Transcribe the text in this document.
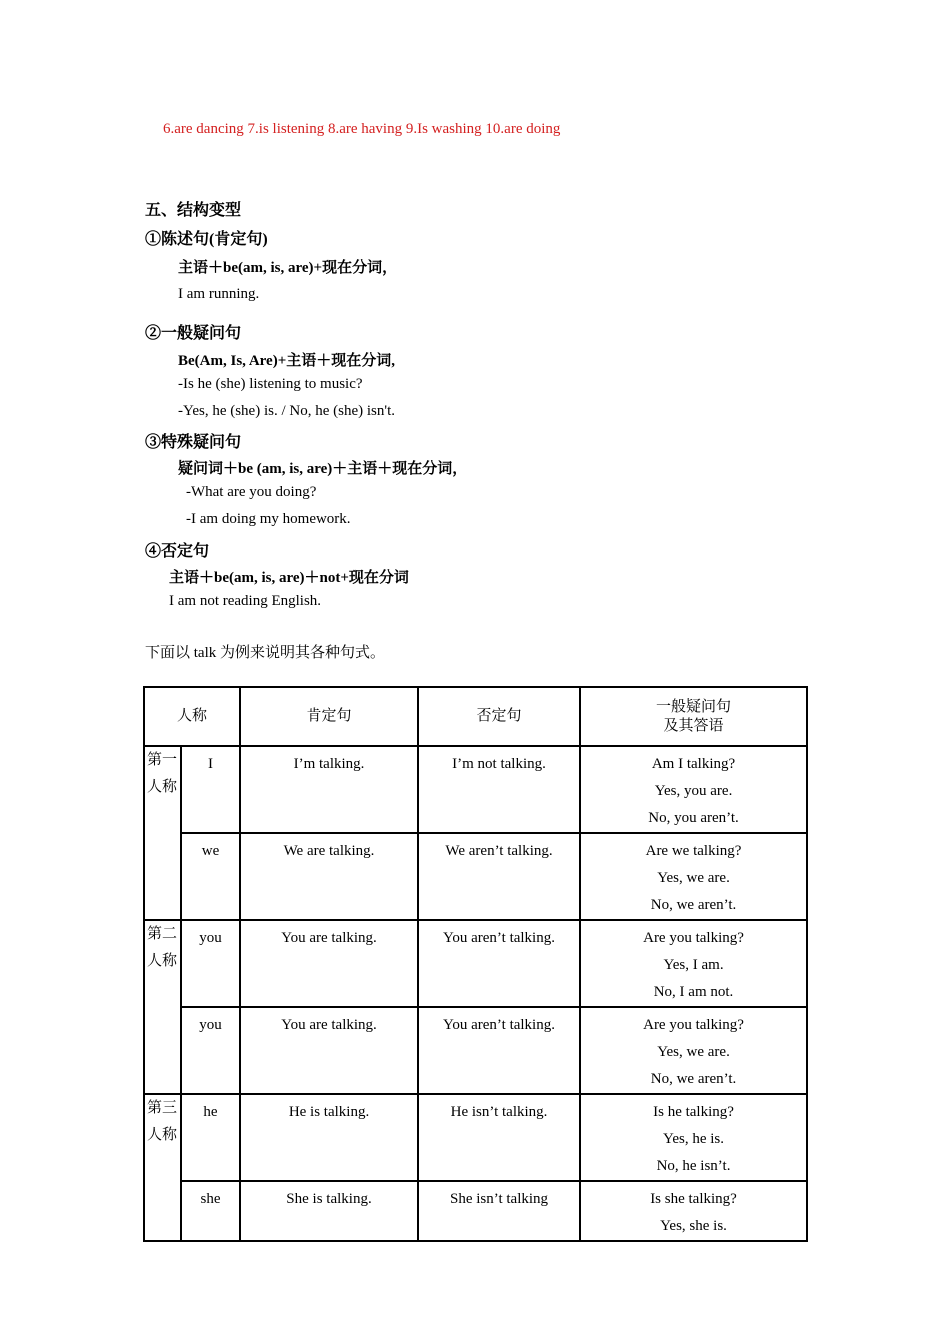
6.are dancing 7.is listening 8.are having 9.Is washing 10.are doing
五、结构变型
①陈述句(肯定句)
主语＋be(am, is, are)+现在分词，
I am running.
②一般疑问句
Be(Am, Is, Are)+主语＋现在分词,
-Is he (she) listening to music?
-Yes, he (she) is. / No, he (she) isn't.
③特殊疑问句
疑问词＋be (am, is, are)＋主语＋现在分词，
-What are you doing?
-I am doing my homework.
④否定句
主语＋be(am, is, are)＋not+现在分词
I am not reading English.
下面以 talk 为例来说明其各种句式。
人称		肯定句	否定句	一般疑问句
及其答语

第一
人称	I	I’m talking.	I’m not talking.	Am I talking?
Yes, you are.
No, you aren’t.

	we	We are talking.	We aren’t talking.	Are we talking?
Yes, we are.
No, we aren’t.

第二
人称	you	You are talking.	You aren’t talking.	Are you talking?
Yes, I am.
No, I am not.

	you	You are talking.	You aren’t talking.	Are you talking?
Yes, we are.
No, we aren’t.

第三
人称	he	He is talking.	He isn’t talking.	Is he talking?
Yes, he is.
No, he isn’t.

	she	She is talking.	She isn’t talking	Is she talking?
Yes, she is.
